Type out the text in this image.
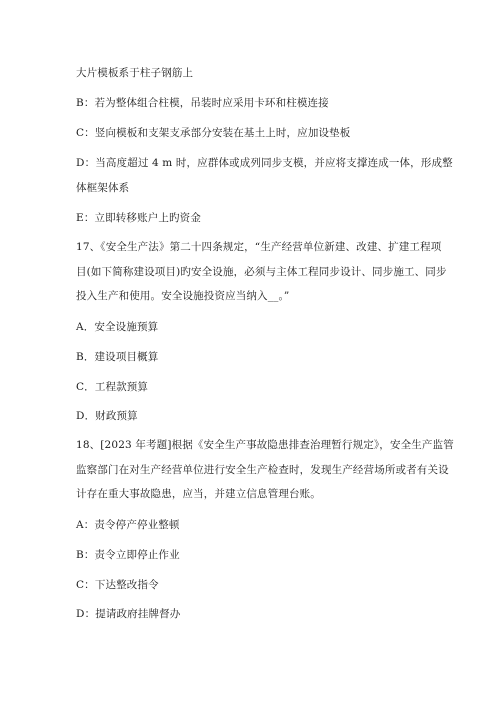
大片模板系于柱子钢筋上
B：若为整体组合柱模，吊装时应采用卡环和柱模连接
C：竖向模板和支架支承部分安装在基土上时，应加设垫板
D：当高度超过 4 m 时，应群体或成列同步支模，并应将支撑连成一体，形成整
体框架体系
E：立即转移账户上旳资金
17、《安全生产法》第二十四条规定，“生产经营单位新建、改建、扩建工程项
目(如下简称建设项目)旳安全设施，必须与主体工程同步设计、同步施工、同步
投入生产和使用。安全设施投资应当纳入__。”
A．安全设施预算
B．建设项目概算
C．工程款预算
D．财政预算
18、[2023 年考题]根据《安全生产事故隐患排查治理暂行规定》，安全生产监管
监察部门在对生产经营单位进行安全生产检查时，发现生产经营场所或者有关设
计存在重大事故隐患，应当，并建立信息管理台账。
A：责令停产停业整顿
B：责令立即停止作业
C：下达整改指令
D：提请政府挂牌督办
